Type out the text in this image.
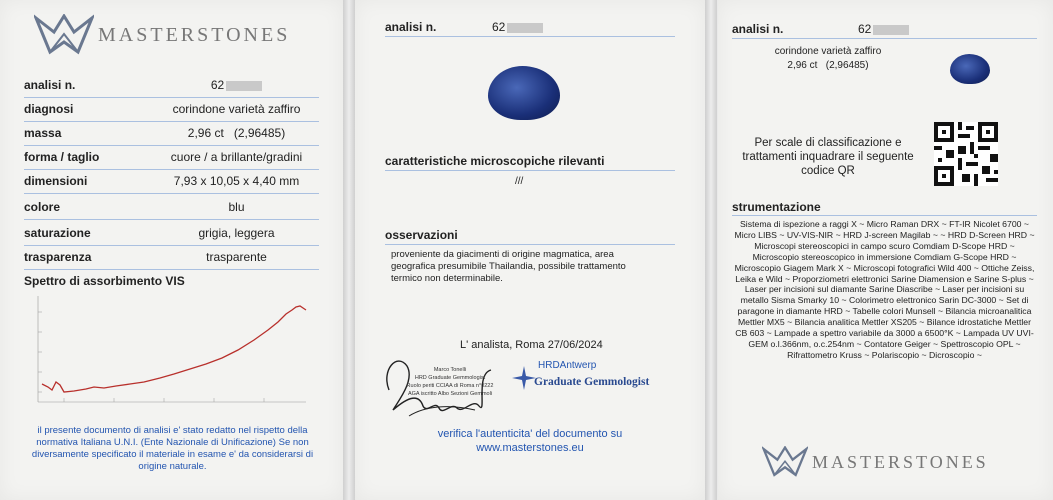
MASTERSTONES
analisi n.	62
diagnosi	corindone varietà zaffiro
massa	2,96 ct   (2,96485)
forma / taglio	cuore / a brillante/gradini
dimensioni	7,93 x 10,05 x 4,40 mm
colore	blu
saturazione	grigia, leggera
trasparenza	trasparente
Spettro di assorbimento VIS
il presente documento di analisi e' stato redatto nel rispetto della normativa Italiana U.N.I. (Ente Nazionale di Unificazione) Se non diversamente specificato il materiale in esame e' da considerarsi di origine naturale.
analisi n.	62
caratteristiche microscopiche rilevanti
///
osservazioni
proveniente da giacimenti di origine magmatica, area geografica presumibile Thailandia, possibile trattamento termico non determinabile.
L' analista, Roma 27/06/2024
Marco Tonelli
HRD Graduate Gemmologist
Ruolo periti CCIAA di Roma n°0222
AGA iscritto Albo Sezioni Gemmoli
HRDAntwerp
Graduate Gemmologist
verifica l'autenticita' del documento su
www.masterstones.eu
analisi n.	62
corindone varietà zaffiro
2,96 ct   (2,96485)
Per scale di classificazione e trattamenti inquadrare il seguente codice QR
strumentazione
Sistema di ispezione a raggi X ~ Micro Raman DRX ~ FT-IR Nicolet 6700 ~ Micro LIBS ~ UV-VIS-NIR ~ HRD J-screen Magilab ~ ~ HRD D-Screen HRD ~ Microscopi stereoscopici in campo scuro Comdiam D-Scope HRD ~ Microscopio stereoscopico in immersione Comdiam G-Scope HRD ~ Microscopio Giagem Mark X ~ Microscopi fotografici Wild 400 ~ Ottiche Zeiss, Leika e Wild ~ Proporziometri elettronici Sarine Diamension e Sarine S-plus ~ Laser per incisioni sul diamante Sarine Diascribe ~ Laser per incisioni su metallo Sisma Smarky 10 ~ Colorimetro elettronico Sarin DC-3000 ~ Set di paragone in diamante HRD ~ Tabelle colori Munsell ~ Bilancia microanalitica Mettler MX5 ~ Bilancia analitica Mettler XS205 ~ Bilance idrostatiche Mettler CB 603 ~ Lampade a spettro variabile da 3000 a 6500°K ~ Lampada UV UVI-GEM o.l.366nm, o.c.254nm ~ Contatore Geiger ~ Spettroscopio OPL ~ Rifrattometro Kruss ~ Polariscopio ~ Dicroscopio ~
MASTERSTONES
